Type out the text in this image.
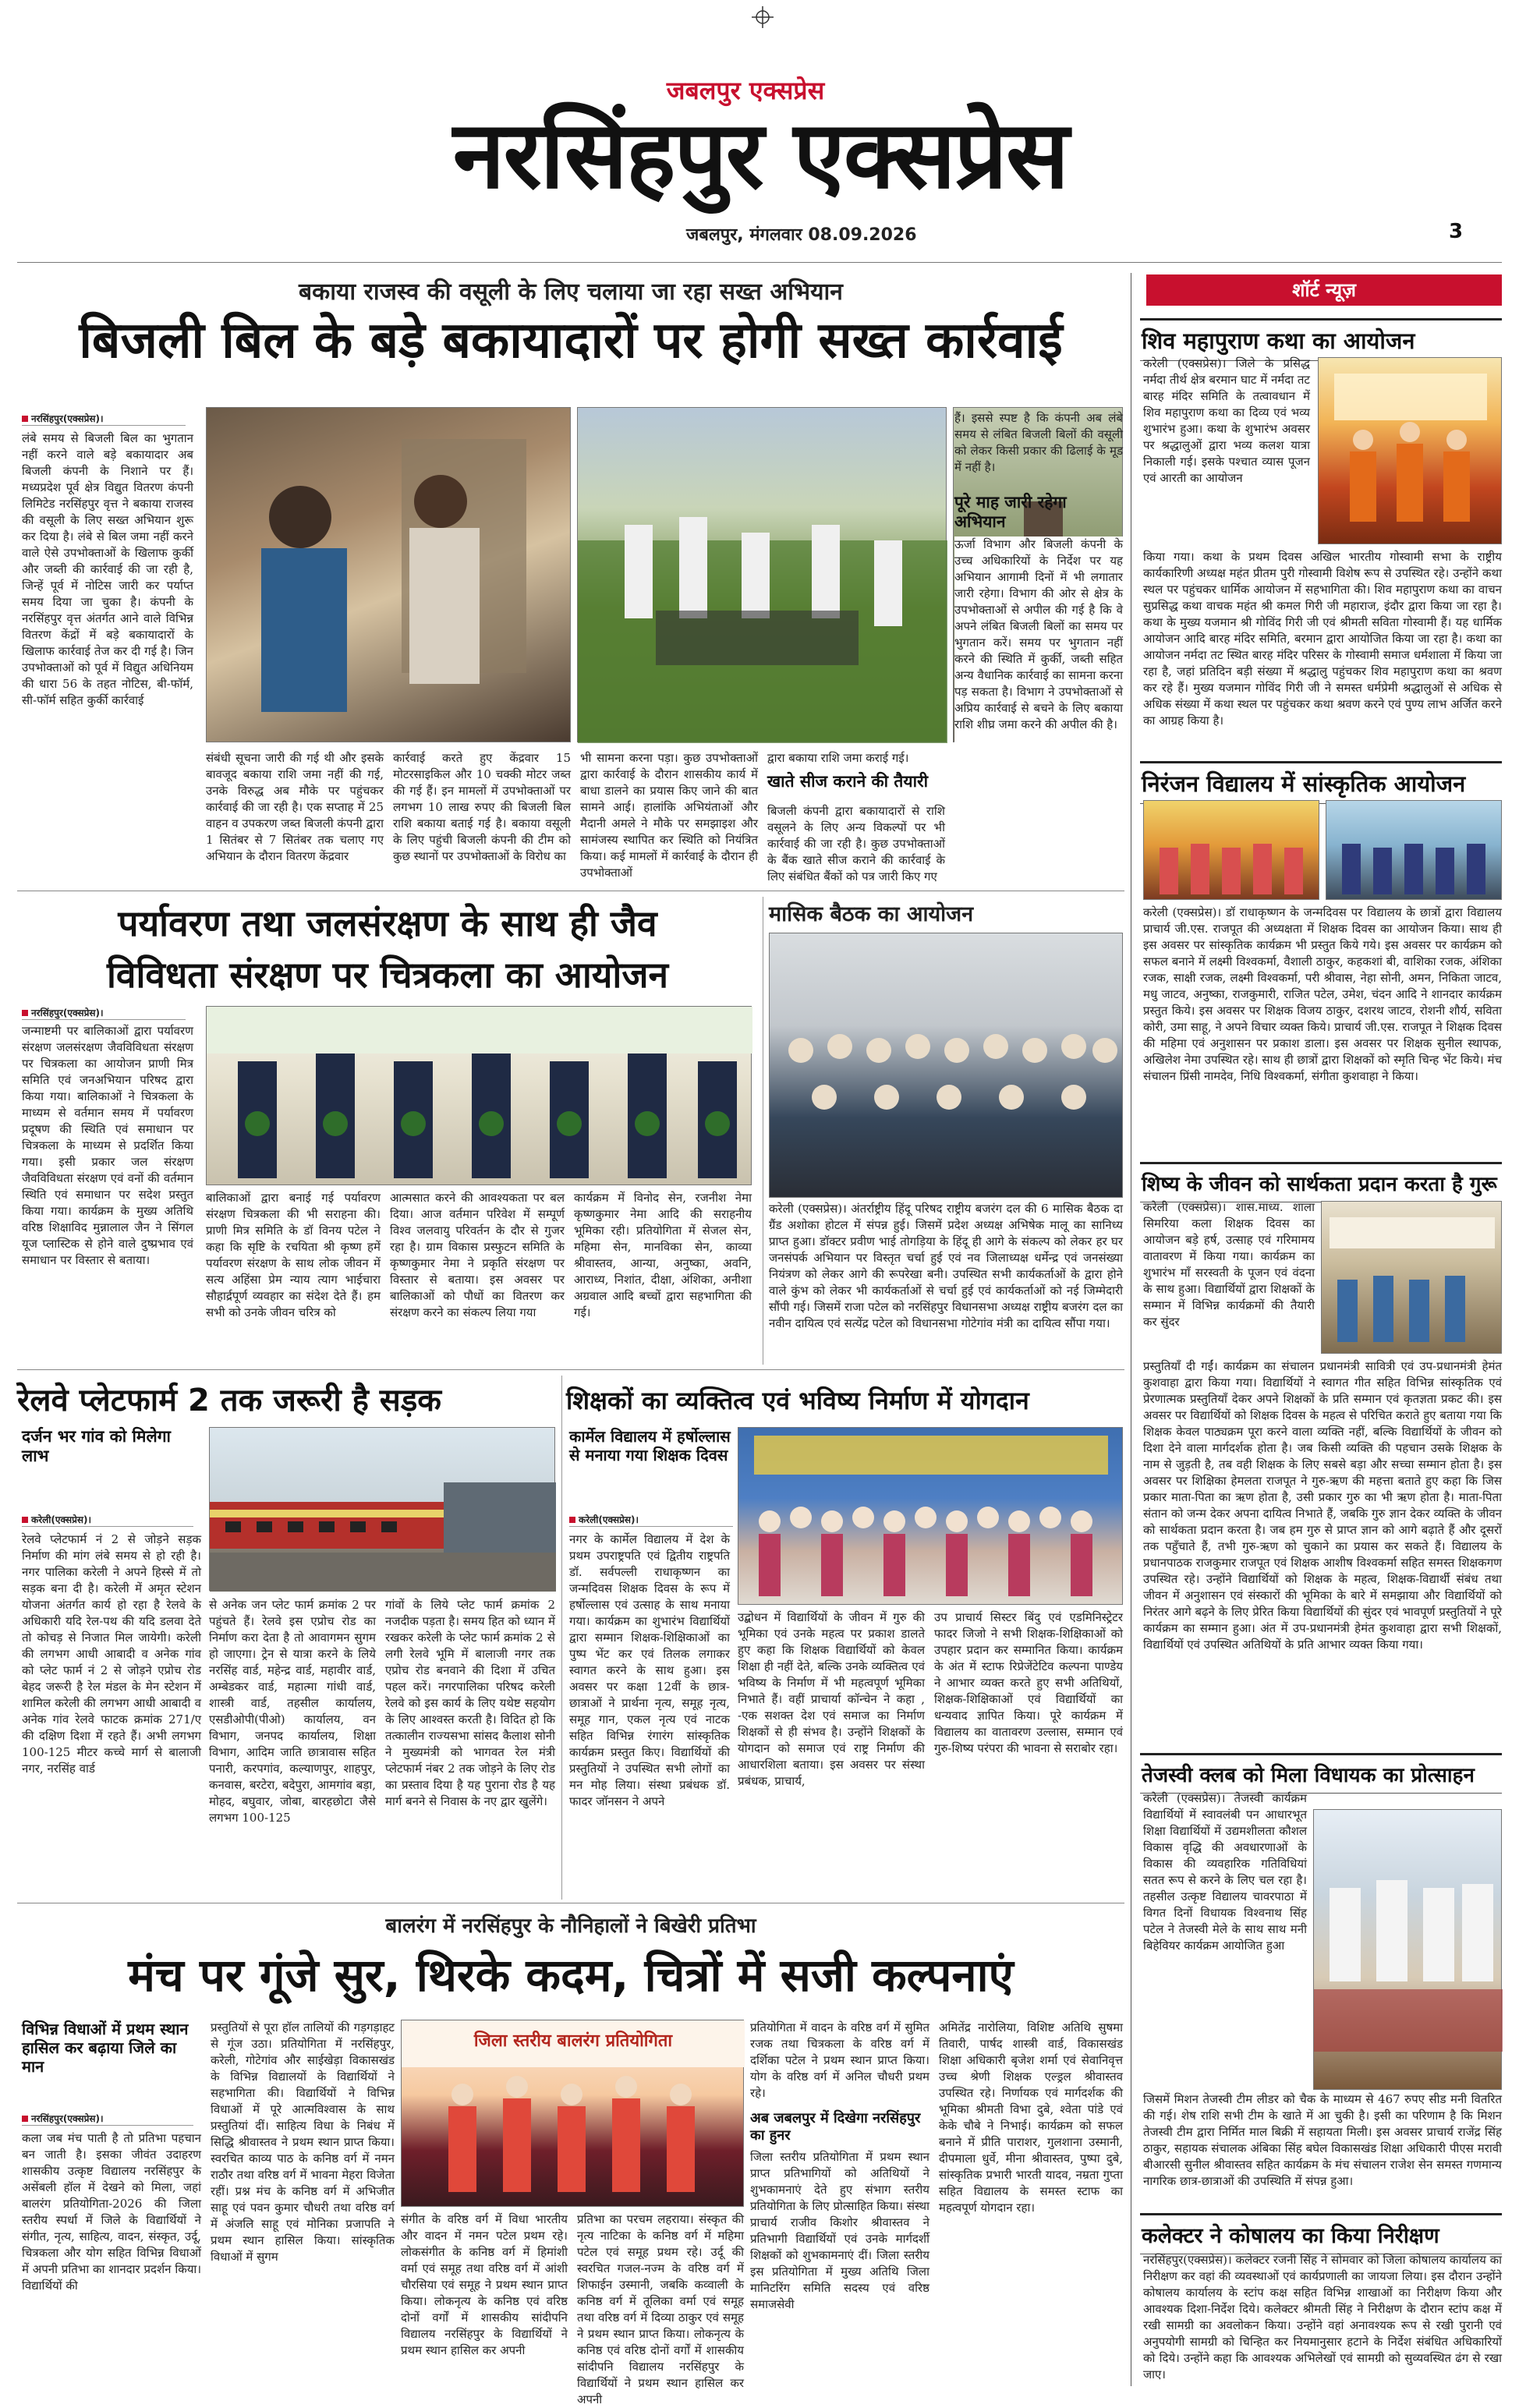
जबलपुर एक्सप्रेस
नरसिंहपुर एक्सप्रेस
जबलपुर, मंगलवार 08.09.2026	3
बकाया राजस्व की वसूली के लिए चलाया जा रहा सख्त अभियान
बिजली बिल के बड़े बकायादारों पर होगी सख्त कार्रवाई
नरसिंहपुर(एक्सप्रेस)।
लंबे समय से बिजली बिल का भुगतान नहीं करने वाले बड़े बकायादार अब बिजली कंपनी के निशाने पर हैं। मध्यप्रदेश पूर्व क्षेत्र विद्युत वितरण कंपनी लिमिटेड नरसिंहपुर वृत्त ने बकाया राजस्व की वसूली के लिए सख्त अभियान शुरू कर दिया है। लंबे से बिल जमा नहीं करने वाले ऐसे उपभोक्ताओं के खिलाफ कुर्की और जब्ती की कार्रवाई की जा रही है, जिन्हें पूर्व में नोटिस जारी कर पर्याप्त समय दिया जा चुका है। कंपनी के नरसिंहपुर वृत्त अंतर्गत आने वाले विभिन्न वितरण केंद्रों में बड़े बकायादारों के खिलाफ कार्रवाई तेज कर दी गई है। जिन उपभोक्ताओं को पूर्व में विद्युत अधिनियम की धारा 56 के तहत नोटिस, बी-फॉर्म, सी-फॉर्म सहित कुर्की कार्रवाई
संबंधी सूचना जारी की गई थी और इसके बावजूद बकाया राशि जमा नहीं की गई, उनके विरुद्ध अब मौके पर पहुंचकर कार्रवाई की जा रही है। एक सप्ताह में 25 वाहन व उपकरण जब्त बिजली कंपनी द्वारा 1 सितंबर से 7 सितंबर तक चलाए गए अभियान के दौरान वितरण केंद्रवार
कार्रवाई करते हुए केंद्रवार 15 मोटरसाइकिल और 10 चक्की मोटर जब्त की गई हैं। इन मामलों में उपभोक्ताओं पर लगभग 10 लाख रुपए की बिजली बिल राशि बकाया बताई गई है। बकाया वसूली के लिए पहुंची बिजली कंपनी की टीम को कुछ स्थानों पर उपभोक्ताओं के विरोध का
भी सामना करना पड़ा। कुछ उपभोक्ताओं द्वारा कार्रवाई के दौरान शासकीय कार्य में बाधा डालने का प्रयास किए जाने की बात सामने आई। हालांकि अभियंताओं और मैदानी अमले ने मौके पर समझाइश और सामंजस्य स्थापित कर स्थिति को नियंत्रित किया। कई मामलों में कार्रवाई के दौरान ही उपभोक्ताओं
द्वारा बकाया राशि जमा कराई गई।
खाते सीज कराने की तैयारी
बिजली कंपनी द्वारा बकायादारों से राशि वसूलने के लिए अन्य विकल्पों पर भी कार्रवाई की जा रही है। कुछ उपभोक्ताओं के बैंक खाते सीज कराने की कार्रवाई के लिए संबंधित बैंकों को पत्र जारी किए गए
हैं। इससे स्पष्ट है कि कंपनी अब लंबे समय से लंबित बिजली बिलों की वसूली को लेकर किसी प्रकार की ढिलाई के मूड में नहीं है।
पूरे माह जारी रहेगा अभियान
ऊर्जा विभाग और बिजली कंपनी के उच्च अधिकारियों के निर्देश पर यह अभियान आगामी दिनों में भी लगातार जारी रहेगा। विभाग की ओर से क्षेत्र के उपभोक्ताओं से अपील की गई है कि वे अपने लंबित बिजली बिलों का समय पर भुगतान करें। समय पर भुगतान नहीं करने की स्थिति में कुर्की, जब्ती सहित अन्य वैधानिक कार्रवाई का सामना करना पड़ सकता है। विभाग ने उपभोक्ताओं से अप्रिय कार्रवाई से बचने के लिए बकाया राशि शीघ्र जमा करने की अपील की है।
पर्यावरण तथा जलसंरक्षण के साथ ही जैव
विविधता संरक्षण पर चित्रकला का आयोजन
नरसिंहपुर(एक्सप्रेस)।
जन्माष्टमी पर बालिकाओं द्वारा पर्यावरण संरक्षण जलसंरक्षण जैवविविधता संरक्षण पर चित्रकला का आयोजन प्राणी मित्र समिति एवं जनअभियान परिषद द्वारा किया गया। बालिकाओं ने चित्रकला के माध्यम से वर्तमान समय में पर्यावरण प्रदूषण की स्थिति एवं समाधान पर चित्रकला के माध्यम से प्रदर्शित किया गया। इसी प्रकार जल संरक्षण जैवविविधता संरक्षण एवं वनों की वर्तमान स्थिति एवं समाधान पर सदेश प्रस्तुत किया गया। कार्यक्रम के मुख्य अतिथि वरिष्ठ शिक्षाविद मुन्नालाल जैन ने सिंगल यूज प्लास्टिक से होने वाले दुष्प्रभाव एवं समाधान पर विस्तार से बताया।
बालिकाओं द्वारा बनाई गई पर्यावरण संरक्षण चित्रकला की भी सराहना की। प्राणी मित्र समिति के डॉ विनय पटेल ने कहा कि सृष्टि के रचयिता श्री कृष्ण हमें पर्यावरण संरक्षण के साथ लोक जीवन में सत्य अहिंसा प्रेम न्याय त्याग भाईचारा सौहार्द्रपूर्ण व्यवहार का संदेश देते हैं। हम सभी को उनके जीवन चरित्र को
आत्मसात करने की आवश्यकता पर बल दिया। आज वर्तमान परिवेश में सम्पूर्ण विश्व जलवायु परिवर्तन के दौर से गुजर रहा है। ग्राम विकास प्रस्फुटन समिति के कृष्णकुमार नेमा ने प्रकृति संरक्षण पर विस्तार से बताया। इस अवसर पर बालिकाओं को पौधों का वितरण कर संरक्षण करने का संकल्प लिया गया
कार्यक्रम में विनोद सेन, रजनीश नेमा कृष्णकुमार नेमा आदि की सराहनीय भूमिका रही। प्रतियोगिता में सेजल सेन, महिमा सेन, मानविका सेन, काव्या श्रीवास्तव, आन्या, अनुष्का, अवनि, आराध्य, निशांत, दीक्षा, अंशिका, अनीशा अग्रवाल आदि बच्चों द्वारा सहभागिता की गई।
मासिक बैठक का आयोजन
करेली (एक्सप्रेस)। अंतर्राष्ट्रीय हिंदू परिषद राष्ट्रीय बजरंग दल की 6 मासिक बैठक दा ग्रैंड अशोका होटल में संपन्न हुई। जिसमें प्रदेश अध्यक्ष अभिषेक मालू का सानिध्य प्राप्त हुआ। डॉक्टर प्रवीण भाई तोगड़िया के हिंदू ही आगे के संकल्प को लेकर हर घर जनसंपर्क अभियान पर विस्तृत चर्चा हुई एवं नव जिलाध्यक्ष धर्मेन्द्र एवं जनसंख्या नियंत्रण को लेकर आगे की रूपरेखा बनी। उपस्थित सभी कार्यकर्ताओं के द्वारा होने वाले कुंभ को लेकर भी कार्यकर्ताओं से चर्चा हुई एवं कार्यकर्ताओं को नई जिम्मेदारी सौंपी गई। जिसमें राजा पटेल को नरसिंहपुर विधानसभा अध्यक्ष राष्ट्रीय बजरंग दल का नवीन दायित्व एवं सत्येंद्र पटेल को विधानसभा गोटेगांव मंत्री का दायित्व सौंपा गया।
रेलवे प्लेटफार्म 2 तक जरूरी है सड़क
दर्जन भर गांव को मिलेगा लाभ
करेली(एक्सप्रेस)।
रेलवे प्लेटफार्म नं 2 से जोड़ने सड़क निर्माण की मांग लंबे समय से हो रही है। नगर पालिका करेली ने अपने हिस्से में तो सड़क बना दी है। करेली में अमृत स्टेशन योजना अंतर्गत कार्य हो रहा है रेलवे के अधिकारी यदि रेल-पथ की यदि डलवा देते तो कोचड़ से निजात मिल जायेगी। करेली की लगभग आधी आबादी व अनेक गांव को प्लेट फार्म नं 2 से जोड़ने एप्रोच रोड बेहद जरूरी है रेल मंडल के मेन स्टेशन में शामिल करेली की लगभग आधी आबादी व अनेक गांव रेलवे फाटक क्रमांक 271/ए की दक्षिण दिशा में रहते हैं। अभी लगभग 100-125 मीटर कच्चे मार्ग से बालाजी नगर, नरसिंह वार्ड
से अनेक जन प्लेट फार्म क्रमांक 2 पर पहुंचते हैं। रेलवे इस एप्रोच रोड का निर्माण करा देता है तो आवागमन सुगम हो जाएगा। ट्रेन से यात्रा करने के लिये नरसिंह वार्ड, महेन्द्र वार्ड, महावीर वार्ड, अम्बेडकर वार्ड, महात्मा गांधी वार्ड, शास्त्री वार्ड, तहसील कार्यालय, एसडीओपी(पीओ) कार्यालय, वन विभाग, जनपद कार्यालय, शिक्षा विभाग, आदिम जाति छात्रावास सहित पनारी, करपगांव, कल्याणपुर, शाहपुर, कनवास, बरटेरा, बदेपुरा, आमगांव बड़ा, मोहद, बघुवार, जोबा, बारहछोटा जैसे लगभग 100-125
गांवों के लिये प्लेट फार्म क्रमांक 2 नजदीक पड़ता है। समय हित को ध्यान में रखकर करेली के प्लेट फार्म क्रमांक 2 से लगी रेलवे भूमि में बालाजी नगर तक एप्रोच रोड बनवाने की दिशा में उचित पहल करें। नगरपालिका परिषद करेली रेलवे को इस कार्य के लिए यथेष्ट सहयोग के लिए आश्वस्त करती है। विदित हो कि तत्कालीन राज्यसभा सांसद कैलाश सोनी ने मुख्यमंत्री को भागवत रेल मंत्री प्लेटफार्म नंबर 2 तक जोड़ने के लिए रोड का प्रस्ताव दिया है यह पुराना रोड है यह मार्ग बनने से निवास के नए द्वार खुलेंगे।
शिक्षकों का व्यक्तित्व एवं भविष्य निर्माण में योगदान
कार्मेल विद्यालय में हर्षोल्लास से मनाया गया शिक्षक दिवस
करेली(एक्सप्रेस)।
नगर के कार्मेल विद्यालय में देश के प्रथम उपराष्ट्रपति एवं द्वितीय राष्ट्रपति डॉ. सर्वपल्ली राधाकृष्णन का जन्मदिवस शिक्षक दिवस के रूप में हर्षोल्लास एवं उत्साह के साथ मनाया गया। कार्यक्रम का शुभारंभ विद्यार्थियों द्वारा सम्मान शिक्षक-शिक्षिकाओं का पुष्प भेंट कर एवं तिलक लगाकर स्वागत करने के साथ हुआ। इस अवसर पर कक्षा 12वीं के छात्र-छात्राओं ने प्रार्थना नृत्य, समूह नृत्य, समूह गान, एकल नृत्य एवं नाटक सहित विभिन्न रंगारंग सांस्कृतिक कार्यक्रम प्रस्तुत किए। विद्यार्थियों की प्रस्तुतियों ने उपस्थित सभी लोगों का मन मोह लिया। संस्था प्रबंधक डॉ. फादर जॉनसन ने अपने
उद्बोधन में विद्यार्थियों के जीवन में गुरु की भूमिका एवं उनके महत्व पर प्रकाश डालते हुए कहा कि शिक्षक विद्यार्थियों को केवल शिक्षा ही नहीं देते, बल्कि उनके व्यक्तित्व एवं भविष्य के निर्माण में भी महत्वपूर्ण भूमिका निभाते हैं। वहीं प्राचार्या कॉन्चेन ने कहा , -एक सशक्त देश एवं समाज का निर्माण शिक्षकों से ही संभव है। उन्होंने शिक्षकों के योगदान को समाज एवं राष्ट्र निर्माण की आधारशिला बताया। इस अवसर पर संस्था प्रबंधक, प्राचार्य,
उप प्राचार्य सिस्टर बिंदु एवं एडमिनिस्ट्रेटर फादर जिजो ने सभी शिक्षक-शिक्षिकाओं को उपहार प्रदान कर सम्मानित किया। कार्यक्रम के अंत में स्टाफ रिप्रेजेंटेटिव कल्पना पाण्डेय ने आभार व्यक्त करते हुए सभी अतिथियों, शिक्षक-शिक्षिकाओं एवं विद्यार्थियों का धन्यवाद ज्ञापित किया। पूरे कार्यक्रम में विद्यालय का वातावरण उल्लास, सम्मान एवं गुरु-शिष्य परंपरा की भावना से सराबोर रहा।
बालरंग में नरसिंहपुर के नौनिहालों ने बिखेरी प्रतिभा
मंच पर गूंजे सुर, थिरके कदम, चित्रों में सजी कल्पनाएं
विभिन्न विधाओं में प्रथम स्थान हासिल कर बढ़ाया जिले का मान
नरसिंहपुर(एक्सप्रेस)।
कला जब मंच पाती है तो प्रतिभा पहचान बन जाती है। इसका जीवंत उदाहरण शासकीय उत्कृष्ट विद्यालय नरसिंहपुर के असेंबली हॉल में देखने को मिला, जहां बालरंग प्रतियोगिता-2026 की जिला स्तरीय स्पर्धा में जिले के विद्यार्थियों ने संगीत, नृत्य, साहित्य, वादन, संस्कृत, उर्दू, चित्रकला और योग सहित विभिन्न विधाओं में अपनी प्रतिभा का शानदार प्रदर्शन किया। विद्यार्थियों की
प्रस्तुतियों से पूरा हॉल तालियों की गड़गड़ाहट से गूंज उठा। प्रतियोगिता में नरसिंहपुर, करेली, गोटेगांव और साईखेड़ा विकासखंड के विभिन्न विद्यालयों के विद्यार्थियों ने सहभागिता की। विद्यार्थियों ने विभिन्न विधाओं में पूरे आत्मविश्वास के साथ प्रस्तुतियां दीं। साहित्य विधा के निबंध में सिद्धि श्रीवास्तव ने प्रथम स्थान प्राप्त किया। स्वरचित काव्य पाठ के कनिष्ठ वर्ग में नमन राठौर तथा वरिष्ठ वर्ग में भावना मेहरा विजेता रहीं। प्रश्न मंच के कनिष्ठ वर्ग में अभिजीत साहू एवं पवन कुमार चौधरी तथा वरिष्ठ वर्ग में अंजलि साहू एवं मोनिका प्रजापति ने प्रथम स्थान हासिल किया। सांस्कृतिक विधाओं में सुगम
जिला स्तरीय बालरंग प्रतियोगिता
संगीत के वरिष्ठ वर्ग में विधा भारतीय और वादन में नमन पटेल प्रथम रहे। लोकसंगीत के कनिष्ठ वर्ग में हिमांशी वर्मा एवं समूह तथा वरिष्ठ वर्ग में आंशी चौरसिया एवं समूह ने प्रथम स्थान प्राप्त किया। लोकनृत्य के कनिष्ठ एवं वरिष्ठ दोनों वर्गों में शासकीय सांदीपनि विद्यालय नरसिंहपुर के विद्यार्थियों ने प्रथम स्थान हासिल कर अपनी
प्रतिभा का परचम लहराया। संस्कृत की नृत्य नाटिका के कनिष्ठ वर्ग में महिमा पटेल एवं समूह प्रथम रहे। उर्दू की स्वरचित गजल-नज्म के वरिष्ठ वर्ग में शिफाईन उस्मानी, जबकि कव्वाली के कनिष्ठ वर्ग में तूलिका वर्मा एवं समूह तथा वरिष्ठ वर्ग में दिव्या ठाकुर एवं समूह ने प्रथम स्थान प्राप्त किया। लोकनृत्य के कनिष्ठ एवं वरिष्ठ दोनों वर्गों में शासकीय सांदीपनि विद्यालय नरसिंहपुर के विद्यार्थियों ने प्रथम स्थान हासिल कर अपनी
प्रतियोगिता में वादन के वरिष्ठ वर्ग में सुमित रजक तथा चित्रकला के वरिष्ठ वर्ग में दर्शिका पटेल ने प्रथम स्थान प्राप्त किया। योग के वरिष्ठ वर्ग में अनिल चौधरी प्रथम रहे।
अब जबलपुर में दिखेगा नरसिंहपुर का हुनर
जिला स्तरीय प्रतियोगिता में प्रथम स्थान प्राप्त प्रतिभागियों को अतिथियों ने शुभकामनाएं देते हुए संभाग स्तरीय प्रतियोगिता के लिए प्रोत्साहित किया। संस्था प्राचार्य राजीव किशोर श्रीवास्तव ने प्रतिभागी विद्यार्थियों एवं उनके मार्गदर्शी शिक्षकों को शुभकामनाएं दीं। जिला स्तरीय इस प्रतियोगिता में मुख्य अतिथि जिला मानिटरिंग समिति सदस्य एवं वरिष्ठ समाजसेवी
अमितेंद्र नारोलिया, विशिष्ट अतिथि सुषमा तिवारी, पार्षद शास्त्री वार्ड, विकासखंड शिक्षा अधिकारी बृजेश शर्मा एवं सेवानिवृत्त उच्च श्रेणी शिक्षक एल्ड्रल श्रीवास्तव उपस्थित रहे। निर्णायक एवं मार्गदर्शक की भूमिका श्रीमती विभा दुबे, श्वेता पांडे एवं केके चौबे ने निभाई। कार्यक्रम को सफल बनाने में प्रीति पाराशर, गुलशाना उस्मानी, दीपमाला धुर्वे, मीना श्रीवास्तव, पुष्पा दुबे, सांस्कृतिक प्रभारी भारती यादव, नम्रता गुप्ता सहित विद्यालय के समस्त स्टाफ का महत्वपूर्ण योगदान रहा।
शॉर्ट न्यूज़
शिव महापुराण कथा का आयोजन
करेली (एक्सप्रेस)। जिले के प्रसिद्ध नर्मदा तीर्थ क्षेत्र बरमान घाट में नर्मदा तट बारह मंदिर समिति के तत्वावधान में शिव महापुराण कथा का दिव्य एवं भव्य शुभारंभ हुआ। कथा के शुभारंभ अवसर पर श्रद्धालुओं द्वारा भव्य कलश यात्रा निकाली गई। इसके पश्चात व्यास पूजन एवं आरती का आयोजन
किया गया। कथा के प्रथम दिवस अखिल भारतीय गोस्वामी सभा के राष्ट्रीय कार्यकारिणी अध्यक्ष महंत प्रीतम पुरी गोस्वामी विशेष रूप से उपस्थित रहे। उन्होंने कथा स्थल पर पहुंचकर धार्मिक आयोजन में सहभागिता की। शिव महापुराण कथा का वाचन सुप्रसिद्ध कथा वाचक महंत श्री कमल गिरी जी महाराज, इंदौर द्वारा किया जा रहा है। कथा के मुख्य यजमान श्री गोविंद गिरी जी एवं श्रीमती सविता गोस्वामी हैं। यह धार्मिक आयोजन आदि बारह मंदिर समिति, बरमान द्वारा आयोजित किया जा रहा है। कथा का आयोजन नर्मदा तट स्थित बारह मंदिर परिसर के गोस्वामी समाज धर्मशाला में किया जा रहा है, जहां प्रतिदिन बड़ी संख्या में श्रद्धालु पहुंचकर शिव महापुराण कथा का श्रवण कर रहे हैं। मुख्य यजमान गोविंद गिरी जी ने समस्त धर्मप्रेमी श्रद्धालुओं से अधिक से अधिक संख्या में कथा स्थल पर पहुंचकर कथा श्रवण करने एवं पुण्य लाभ अर्जित करने का आग्रह किया है।
निरंजन विद्यालय में सांस्कृतिक आयोजन
करेली (एक्सप्रेस)। डॉ राधाकृष्णन के जन्मदिवस पर विद्यालय के छात्रों द्वारा विद्यालय प्राचार्य जी.एस. राजपूत की अध्यक्षता में शिक्षक दिवस का आयोजन किया। साथ ही इस अवसर पर सांस्कृतिक कार्यक्रम भी प्रस्तुत किये गये। इस अवसर पर कार्यक्रम को सफल बनाने में लक्ष्मी विश्वकर्मा, वैशाली ठाकुर, कहकशां बी, वाशिका रजक, अंशिका रजक, साक्षी रजक, लक्ष्मी विश्वकर्मा, परी श्रीवास, नेहा सोनी, अमन, निकिता जाटव, मधु जाटव, अनुष्का, राजकुमारी, राजित पटेल, उमेश, चंदन आदि ने शानदार कार्यक्रम प्रस्तुत किये। इस अवसर पर शिक्षक विजय ठाकुर, दशरथ जाटव, रोशनी शौर्य, सविता कोरी, उमा साहू, ने अपने विचार व्यक्त किये। प्राचार्य जी.एस. राजपूत ने शिक्षक दिवस की महिमा एवं अनुशासन पर प्रकाश डाला। इस अवसर पर शिक्षक सुनील स्थापक, अखिलेश नेमा उपस्थित रहे। साथ ही छात्रों द्वारा शिक्षकों को स्मृति चिन्ह भेंट किये। मंच संचालन प्रिंसी नामदेव, निधि विश्वकर्मा, संगीता कुशवाहा ने किया।
शिष्य के जीवन को सार्थकता प्रदान करता है गुरू
करेली (एक्सप्रेस)। शास.माध्य. शाला सिमरिया कला शिक्षक दिवस का आयोजन बड़े हर्ष, उत्साह एवं गरिमामय वातावरण में किया गया। कार्यक्रम का शुभारंभ माँ सरस्वती के पूजन एवं वंदना के साथ हुआ। विद्यार्थियों द्वारा शिक्षकों के सम्मान में विभिन्न कार्यक्रमों की तैयारी कर सुंदर
प्रस्तुतियाँ दी गईं। कार्यक्रम का संचालन प्रधानमंत्री सावित्री एवं उप-प्रधानमंत्री हेमंत कुशवाहा द्वारा किया गया। विद्यार्थियों ने स्वागत गीत सहित विभिन्न सांस्कृतिक एवं प्रेरणात्मक प्रस्तुतियाँ देकर अपने शिक्षकों के प्रति सम्मान एवं कृतज्ञता प्रकट की। इस अवसर पर विद्यार्थियों को शिक्षक दिवस के महत्व से परिचित कराते हुए बताया गया कि शिक्षक केवल पाठ्यक्रम पूरा करने वाला व्यक्ति नहीं, बल्कि विद्यार्थियों के जीवन को दिशा देने वाला मार्गदर्शक होता है। जब किसी व्यक्ति की पहचान उसके शिक्षक के नाम से जुड़ती है, तब वही शिक्षक के लिए सबसे बड़ा और सच्चा सम्मान होता है। इस अवसर पर शिक्षिका हेमलता राजपूत ने गुरु-ऋण की महत्ता बताते हुए कहा कि जिस प्रकार माता-पिता का ऋण होता है, उसी प्रकार गुरु का भी ऋण होता है। माता-पिता संतान को जन्म देकर अपना दायित्व निभाते हैं, जबकि गुरु ज्ञान देकर व्यक्ति के जीवन को सार्थकता प्रदान करता है। जब हम गुरु से प्राप्त ज्ञान को आगे बढ़ाते हैं और दूसरों तक पहुँचाते हैं, तभी गुरु-ऋण को चुकाने का प्रयास कर सकते हैं। विद्यालय के प्रधानपाठक राजकुमार राजपूत एवं शिक्षक आशीष विश्वकर्मा सहित समस्त शिक्षकगण उपस्थित रहे। उन्होंने विद्यार्थियों को शिक्षक के महत्व, शिक्षक-विद्यार्थी संबंध तथा जीवन में अनुशासन एवं संस्कारों की भूमिका के बारे में समझाया और विद्यार्थियों को निरंतर आगे बढ़ने के लिए प्रेरित किया विद्यार्थियों की सुंदर एवं भावपूर्ण प्रस्तुतियों ने पूरे कार्यक्रम का सम्मान हुआ। अंत में उप-प्रधानमंत्री हेमंत कुशवाहा द्वारा सभी शिक्षकों, विद्यार्थियों एवं उपस्थित अतिथियों के प्रति आभार व्यक्त किया गया।
तेजस्वी क्लब को मिला विधायक का प्रोत्साहन
करेली (एक्सप्रेस)। तेजस्वी कार्यक्रम विद्यार्थियों में स्वावलंबी पन आधारभूत शिक्षा विद्यार्थियों में उद्यमशीलता कौशल विकास वृद्धि की अवधारणाओं के विकास की व्यवहारिक गतिविधियां सतत रूप से करने के लिए चल रहा है।तहसील उत्कृष्ट विद्यालय चावरपाठा में विगत दिनों विधायक विश्वनाथ सिंह पटेल ने तेजस्वी मेले के साथ साथ मनी बिहेवियर कार्यक्रम आयोजित हुआ
जिसमें मिशन तेजस्वी टीम लीडर को चैक के माध्यम से 467 रुपए सीड मनी वितरित की गई। शेष राशि सभी टीम के खाते में आ चुकी है। इसी का परिणाम है कि मिशन तेजस्वी टीम द्वारा निर्मित माल बिक्री में सहायता मिली। इस अवसर प्राचार्य राजेंद्र सिंह ठाकुर, सहायक संचालक अंबिका सिंह बघेल विकासखंड शिक्षा अधिकारी पीएस मरावी बीआरसी सुनील श्रीवास्तव सहित कार्यक्रम के मंच संचालन राजेश सेन समस्त गणमान्य नागरिक छात्र-छात्राओं की उपस्थिति में संपन्न हुआ।
कलेक्टर ने कोषालय का किया निरीक्षण
नरसिंहपुर(एक्सप्रेस)। कलेक्टर रजनी सिंह ने सोमवार को जिला कोषालय कार्यालय का निरीक्षण कर वहां की व्यवस्थाओं एवं कार्यप्रणाली का जायजा लिया। इस दौरान उन्होंने कोषालय कार्यालय के स्टांप कक्ष सहित विभिन्न शाखाओं का निरीक्षण किया और आवश्यक दिशा-निर्देश दिये। कलेक्टर श्रीमती सिंह ने निरीक्षण के दौरान स्टांप कक्ष में रखी सामग्री का अवलोकन किया। उन्होंने वहां अनावश्यक रूप से रखी पुरानी एवं अनुपयोगी सामग्री को चिन्हित कर नियमानुसार हटाने के निर्देश संबंधित अधिकारियों को दिये। उन्होंने कहा कि आवश्यक अभिलेखों एवं सामग्री को सुव्यवस्थित ढंग से रखा जाए।
